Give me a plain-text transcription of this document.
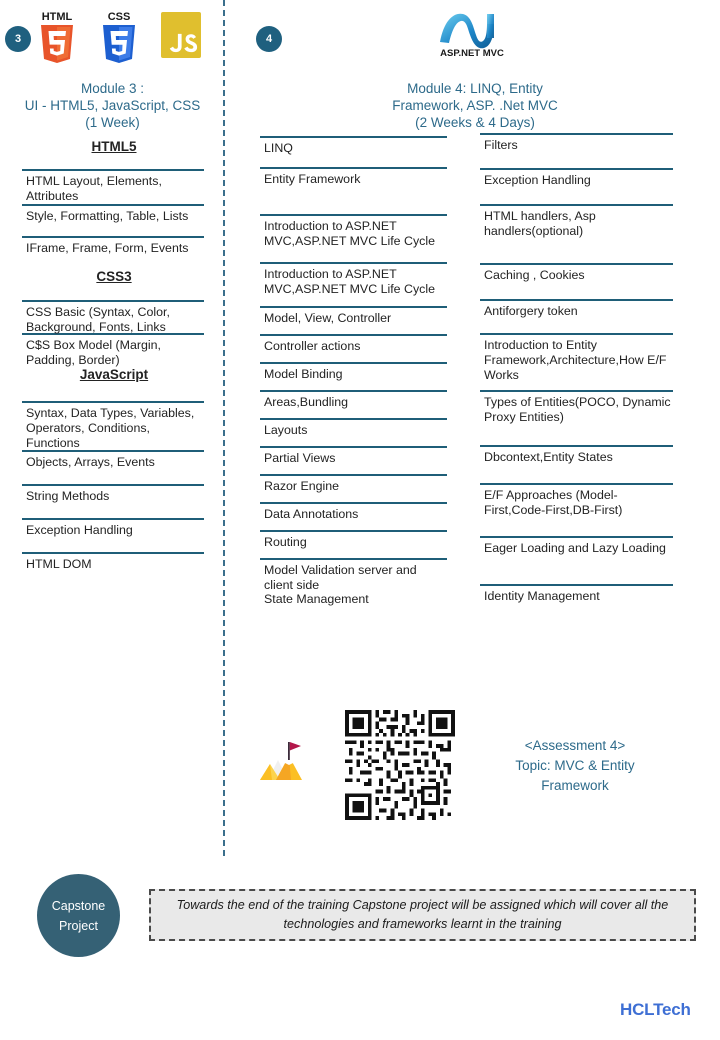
3
HTML	CSS
Module 3 :
UI - HTML5, JavaScript, CSS
(1 Week)
HTML5
HTML Layout, Elements, Attributes
Style, Formatting, Table, Lists
IFrame, Frame, Form, Events
CSS3
CSS Basic (Syntax, Color, Background, Fonts, Links
C$S Box Model (Margin, Padding, Border)
JavaScript
Syntax, Data Types, Variables, Operators, Conditions, Functions
Objects, Arrays, Events
String Methods
Exception Handling
HTML DOM
4
ASP.NET MVC
Module 4: LINQ, Entity
Framework, ASP. .Net MVC
(2 Weeks & 4 Days)
LINQ
Entity Framework
Introduction to ASP.NET MVC,ASP.NET MVC Life Cycle
Introduction to ASP.NET MVC,ASP.NET MVC Life Cycle
Model, View, Controller
Controller actions
Model Binding
Areas,Bundling
Layouts
Partial Views
Razor Engine
Data Annotations
Routing
Model Validation server and client side
State Management
Filters
Exception Handling
HTML handlers, Asp handlers(optional)
Caching , Cookies
Antiforgery token
Introduction to Entity Framework,Architecture,How E/F Works
Types of Entities(POCO, Dynamic Proxy Entities)
Dbcontext,Entity States
E/F Approaches (Model-First,Code-First,DB-First)
Eager Loading and Lazy Loading
Identity Management
<Assessment 4>
Topic: MVC & Entity
Framework
Capstone
Project
Towards the end of the training Capstone project will be assigned which will cover all the technologies and frameworks learnt in the training
HCLTech
